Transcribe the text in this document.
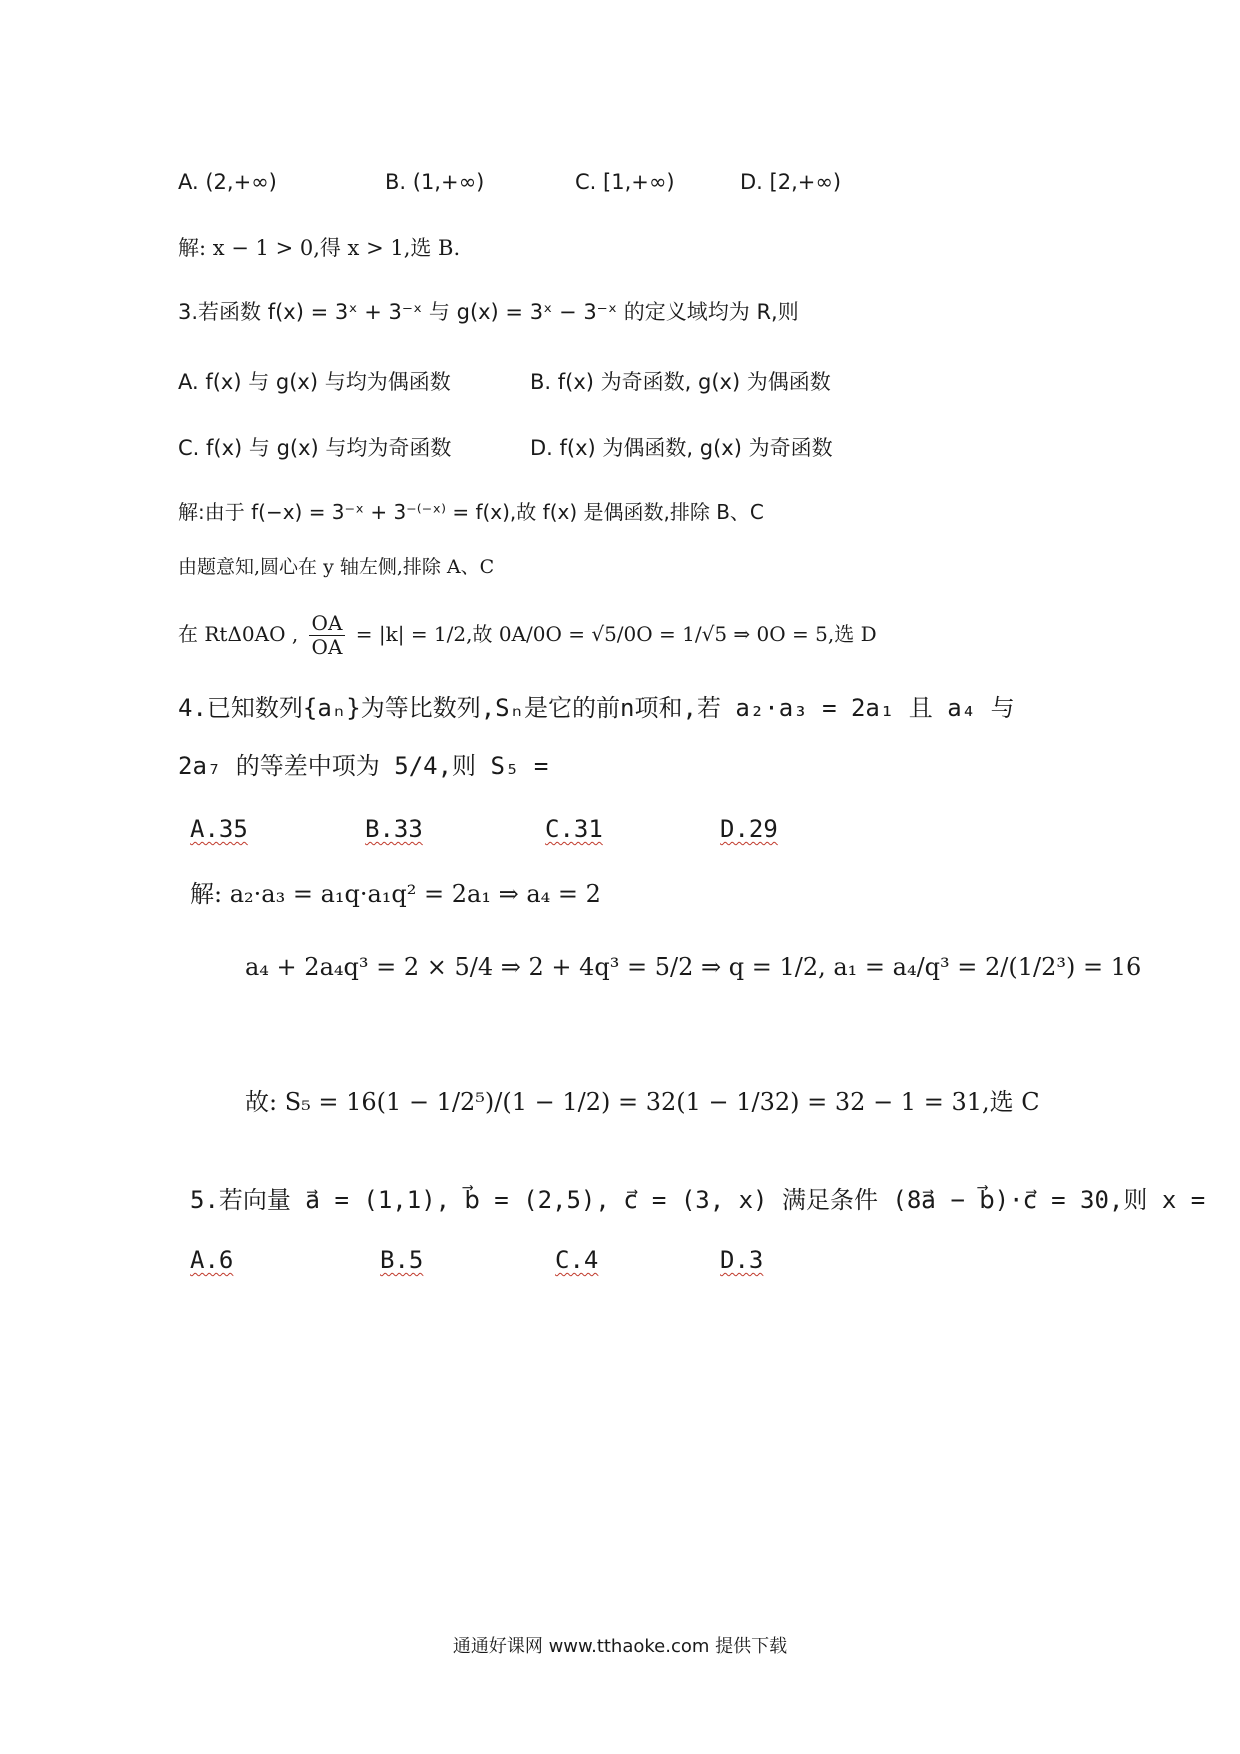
A. (2,+∞)	B. (1,+∞)	C. [1,+∞)	D. [2,+∞)
解: x − 1 > 0,得 x > 1,选 B.
3.若函数 f(x) = 3ˣ + 3⁻ˣ 与 g(x) = 3ˣ − 3⁻ˣ 的定义域均为 R,则
A. f(x) 与 g(x) 与均为偶函数	B. f(x) 为奇函数, g(x) 为偶函数
C. f(x) 与 g(x) 与均为奇函数	D. f(x) 为偶函数, g(x) 为奇函数
解:由于 f(−x) = 3⁻ˣ + 3⁻⁽⁻ˣ⁾ = f(x),故 f(x) 是偶函数,排除 B、C
由题意知,圆心在 y 轴左侧,排除 A、C
在 RtΔ0AO , $\frac{OA}{OA} = |k| = 1/2$,故 0A/0O = √5/0O = 1/√5 ⇒ 0O = 5,选 D
4.已知数列{aₙ}为等比数列,Sₙ是它的前n项和,若 a₂·a₃ = 2a₁ 且 a₄ 与
2a₇ 的等差中项为 5/4,则 S₅ =
A.35	B.33	C.31	D.29
解: a₂·a₃ = a₁q·a₁q² = 2a₁ ⇒ a₄ = 2
a₄ + 2a₄q³ = 2 × 5/4 ⇒ 2 + 4q³ = 5/2 ⇒ q = 1/2, a₁ = a₄/q³ = 2/(1/2³) = 16
故: S₅ = 16(1 − 1/2⁵)/(1 − 1/2) = 32(1 − 1/32) = 32 − 1 = 31,选 C
5.若向量 a⃗ = (1,1), b⃗ = (2,5), c⃗ = (3, x) 满足条件 (8a⃗ − b⃗)·c⃗ = 30,则 x =
A.6	B.5	C.4	D.3
通通好课网 www.tthaoke.com 提供下载
